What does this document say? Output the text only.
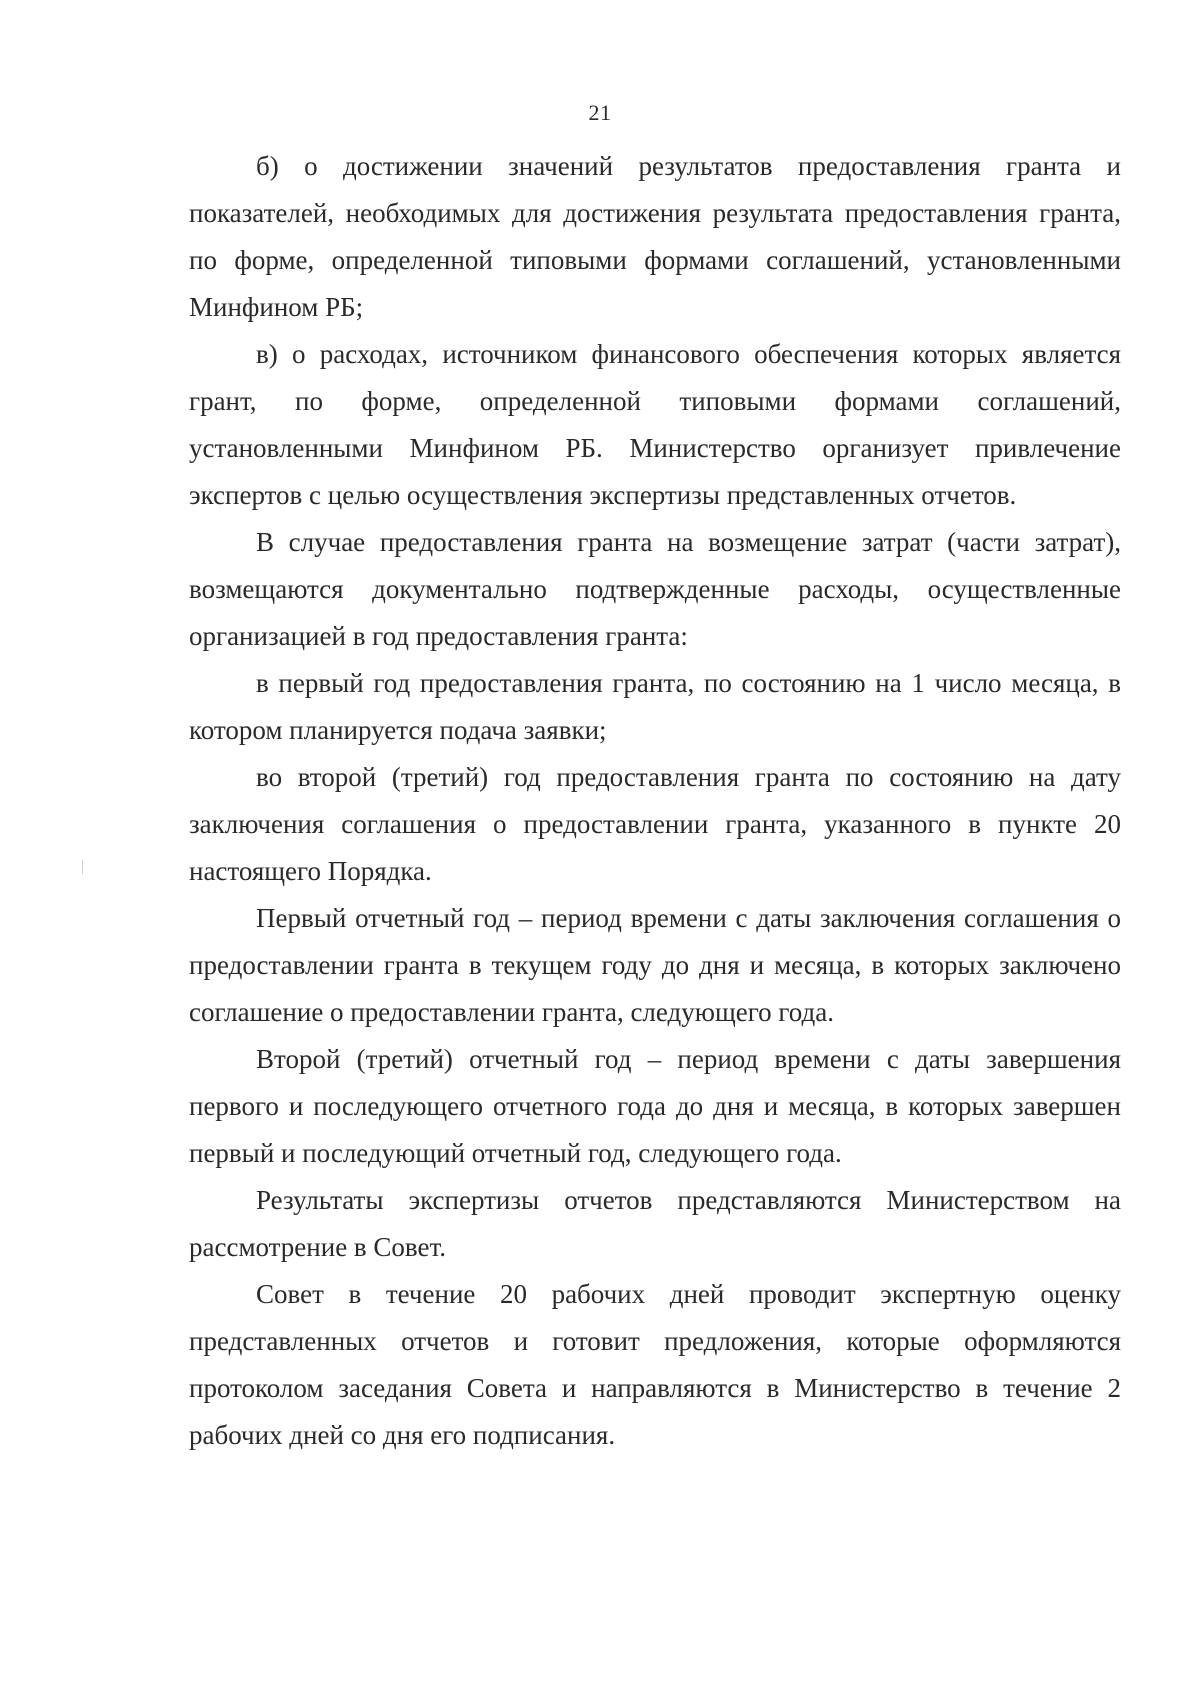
21

б) о достижении значений результатов предоставления гранта и показателей, необходимых для достижения результата предоставления гранта, по форме, определенной типовыми формами соглашений, установленными Минфином РБ;

в) о расходах, источником финансового обеспечения которых является грант, по форме, определенной типовыми формами соглашений, установленными Минфином РБ. Министерство организует привлечение экспертов с целью осуществления экспертизы представленных отчетов.

В случае предоставления гранта на возмещение затрат (части затрат), возмещаются документально подтвержденные расходы, осуществленные организацией в год предоставления гранта:

в первый год предоставления гранта, по состоянию на 1 число месяца, в котором планируется подача заявки;

во второй (третий) год предоставления гранта по состоянию на дату заключения соглашения о предоставлении гранта, указанного в пункте 20 настоящего Порядка.

Первый отчетный год – период времени с даты заключения соглашения о предоставлении гранта в текущем году до дня и месяца, в которых заключено соглашение о предоставлении гранта, следующего года.

Второй (третий) отчетный год – период времени с даты завершения первого и последующего отчетного года до дня и месяца, в которых завершен первый и последующий отчетный год, следующего года.

Результаты экспертизы отчетов представляются Министерством на рассмотрение в Совет.

Совет в течение 20 рабочих дней проводит экспертную оценку представленных отчетов и готовит предложения, которые оформляются протоколом заседания Совета и направляются в Министерство в течение 2 рабочих дней со дня его подписания.
